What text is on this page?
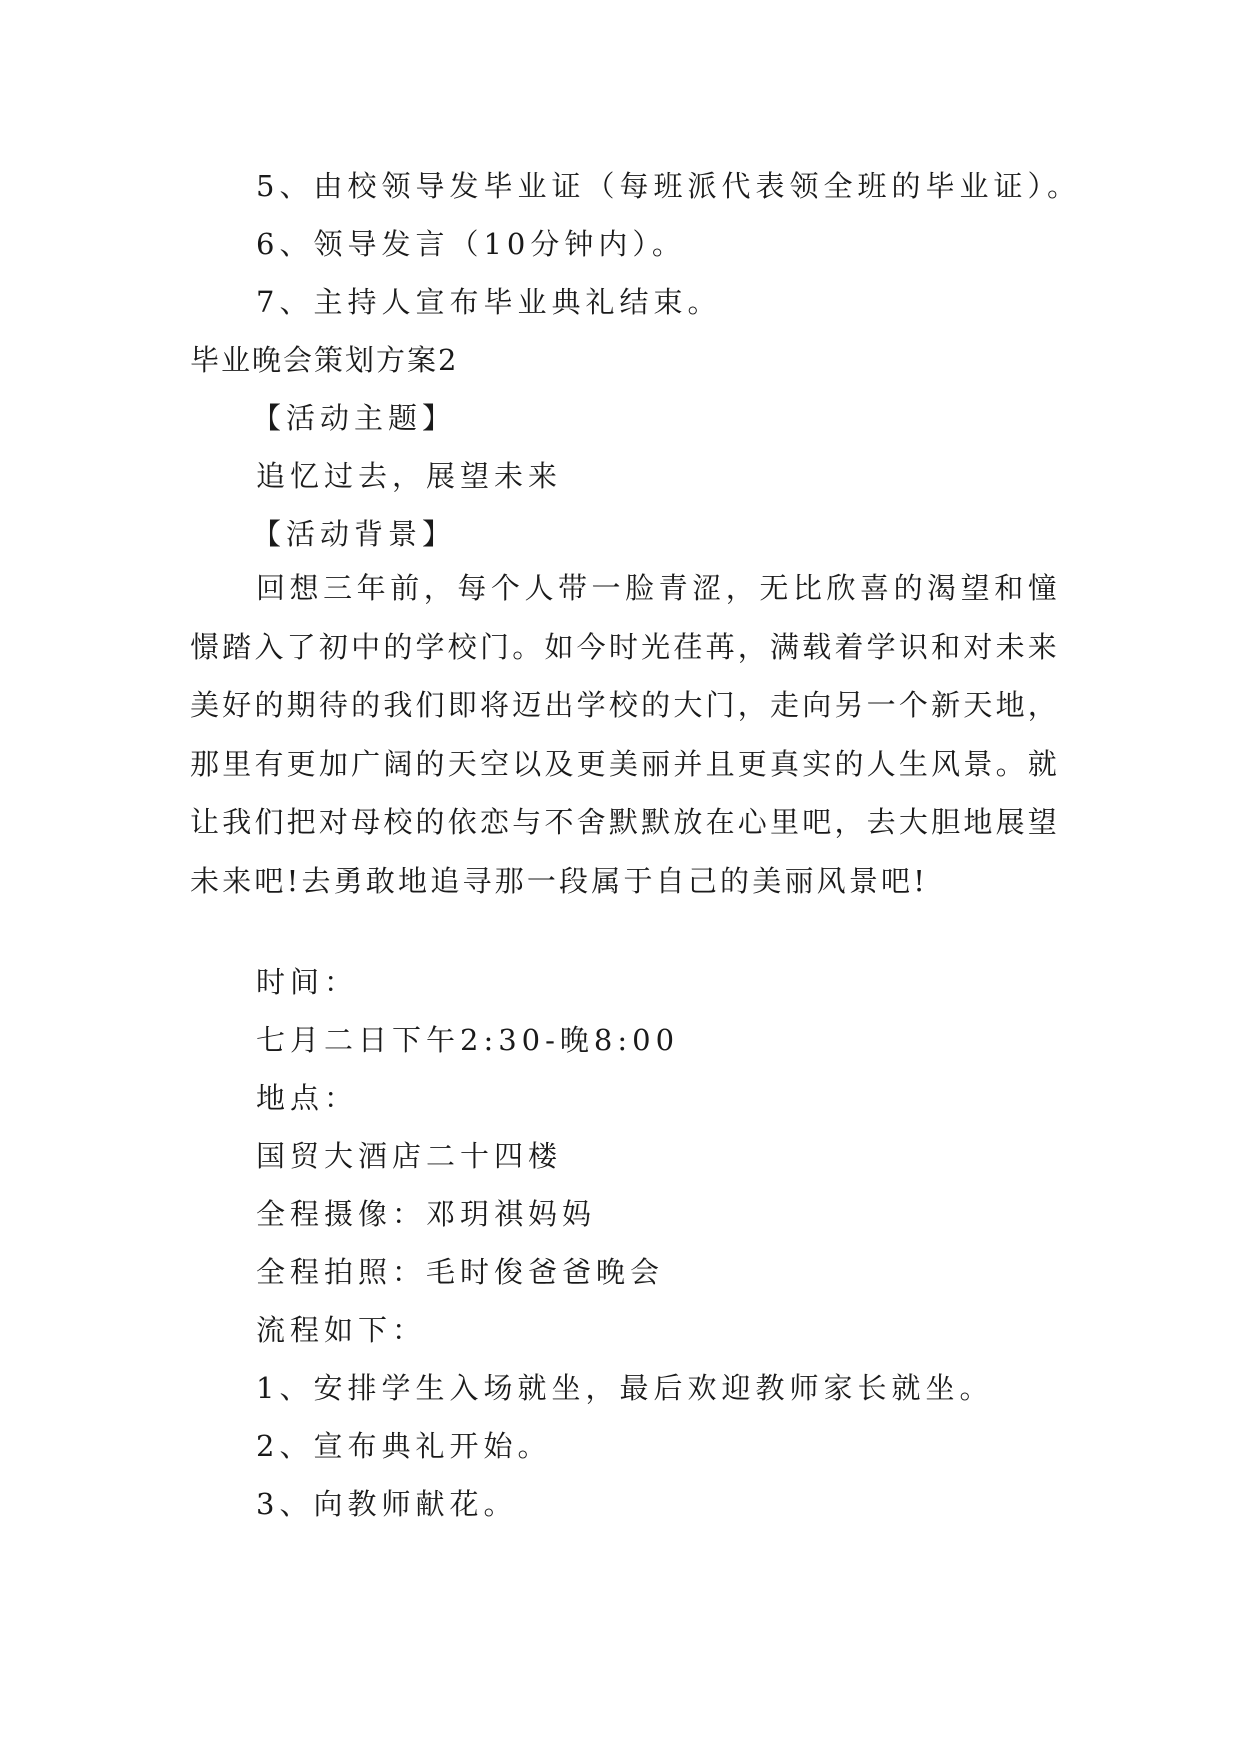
5、由校领导发毕业证（每班派代表领全班的毕业证）。
6、领导发言（10分钟内）。
7、主持人宣布毕业典礼结束。
毕业晚会策划方案2
【活动主题】
追忆过去，展望未来
【活动背景】

回想三年前，每个人带一脸青涩，无比欣喜的渴望和憧憬踏入了初中的学校门。如今时光荏苒，满载着学识和对未来美好的期待的我们即将迈出学校的大门，走向另一个新天地，那里有更加广阔的天空以及更美丽并且更真实的人生风景。就让我们把对母校的依恋与不舍默默放在心里吧，去大胆地展望未来吧!去勇敢地追寻那一段属于自己的美丽风景吧!

时间：
七月二日下午2:30-晚8:00
地点：
国贸大酒店二十四楼
全程摄像：邓玥祺妈妈
全程拍照：毛时俊爸爸晚会
流程如下：
1、安排学生入场就坐，最后欢迎教师家长就坐。
2、宣布典礼开始。
3、向教师献花。
